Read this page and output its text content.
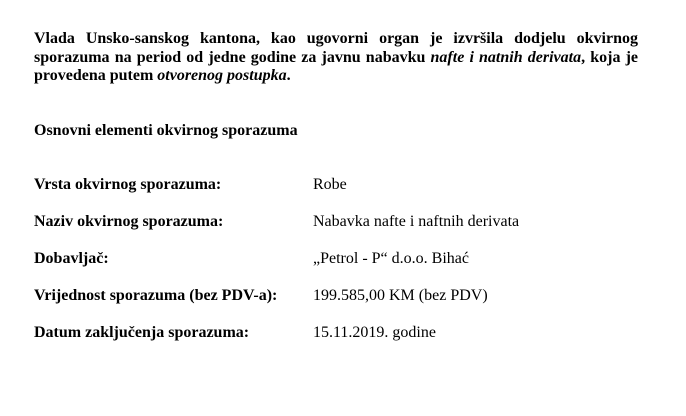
Vlada Unsko-sanskog kantona, kao ugovorni organ je izvršila dodjelu okvirnog
sporazuma na period od jedne godine za javnu nabavku nafte i natnih derivata, koja je
provedena putem otvorenog postupka.
Osnovni elementi okvirnog sporazuma
Vrsta okvirnog sporazuma:	Robe
Naziv okvirnog sporazuma:	Nabavka nafte i naftnih derivata
Dobavljač:	„Petrol - P“ d.o.o. Bihać
Vrijednost sporazuma (bez PDV-a):	199.585,00 KM (bez PDV)
Datum zaključenja sporazuma:	15.11.2019. godine
